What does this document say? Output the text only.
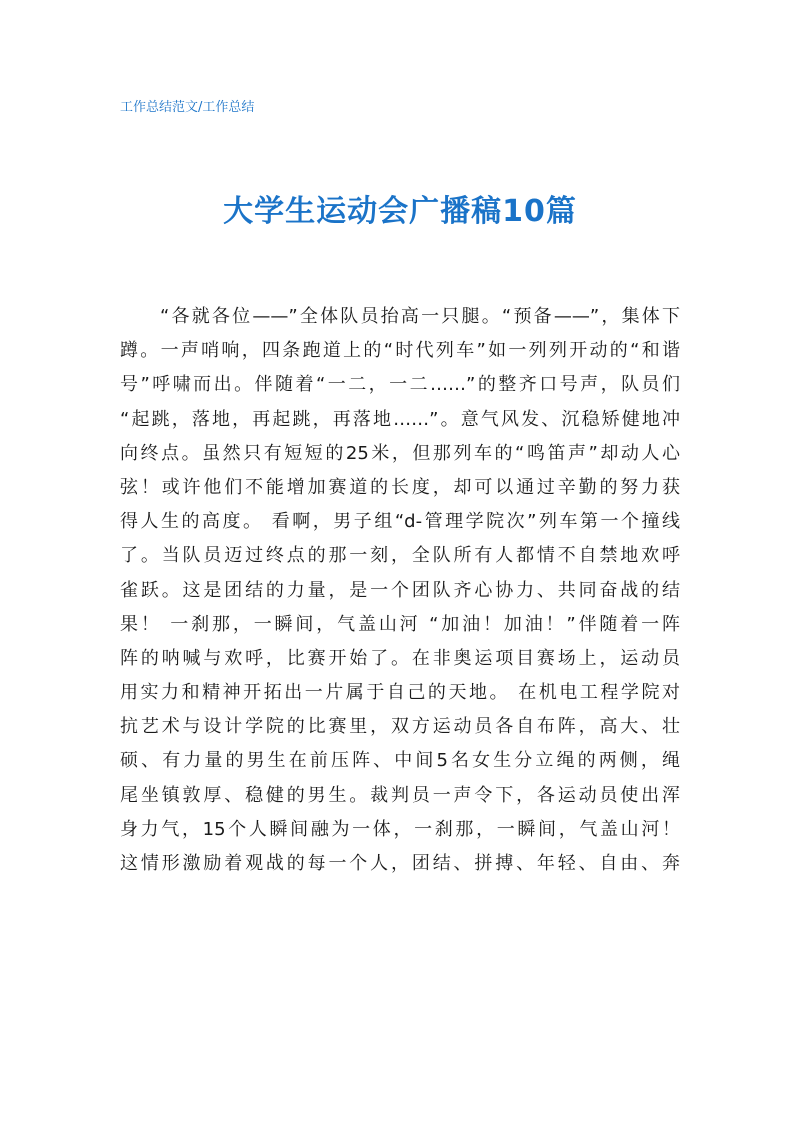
工作总结范文/工作总结
大学生运动会广播稿10篇
“各就各位——”全体队员抬高一只腿。“预备——”，集体下
蹲。一声哨响，四条跑道上的“时代列车”如一列列开动的“和谐
号”呼啸而出。伴随着“一二，一二……”的整齐口号声，队员们
“起跳，落地，再起跳，再落地……”。意气风发、沉稳矫健地冲
向终点。虽然只有短短的25米，但那列车的“鸣笛声”却动人心
弦！或许他们不能增加赛道的长度，却可以通过辛勤的努力获
得人生的高度。 看啊，男子组“d-管理学院次”列车第一个撞线
了。当队员迈过终点的那一刻，全队所有人都情不自禁地欢呼
雀跃。这是团结的力量，是一个团队齐心协力、共同奋战的结
果！ 一刹那，一瞬间，气盖山河 “加油！加油！”伴随着一阵
阵的呐喊与欢呼，比赛开始了。在非奥运项目赛场上，运动员
用实力和精神开拓出一片属于自己的天地。 在机电工程学院对
抗艺术与设计学院的比赛里，双方运动员各自布阵，高大、壮
硕、有力量的男生在前压阵、中间5名女生分立绳的两侧，绳
尾坐镇敦厚、稳健的男生。裁判员一声令下，各运动员使出浑
身力气，15个人瞬间融为一体，一刹那，一瞬间，气盖山河！
这情形激励着观战的每一个人，团结、拼搏、年轻、自由、奔
